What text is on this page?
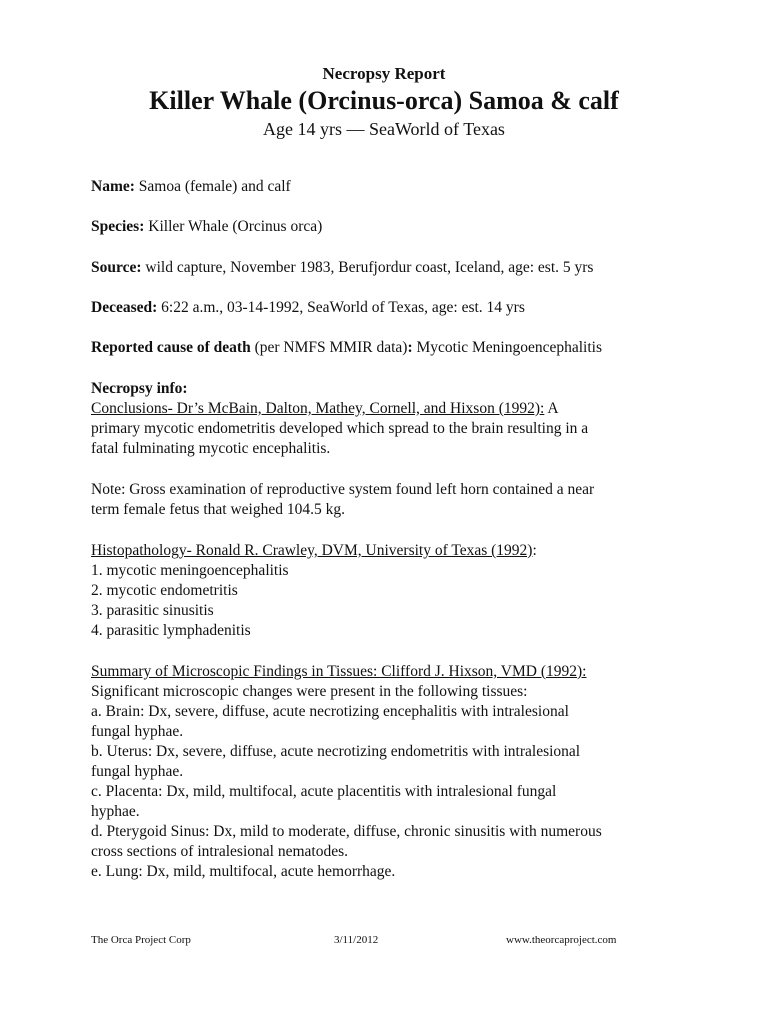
Necropsy Report
Killer Whale (Orcinus-orca) Samoa & calf
Age 14 yrs — SeaWorld of Texas
Name: Samoa (female) and calf
Species: Killer Whale (Orcinus orca)
Source: wild capture, November 1983, Berufjordur coast, Iceland, age: est. 5 yrs
Deceased: 6:22 a.m., 03-14-1992, SeaWorld of Texas, age: est. 14 yrs
Reported cause of death (per NMFS MMIR data): Mycotic Meningoencephalitis
Necropsy info:
Conclusions- Dr’s McBain, Dalton, Mathey, Cornell, and Hixson (1992): A
primary mycotic endometritis developed which spread to the brain resulting in a
fatal fulminating mycotic encephalitis.
Note: Gross examination of reproductive system found left horn contained a near
term female fetus that weighed 104.5 kg.
Histopathology- Ronald R. Crawley, DVM, University of Texas (1992):
1. mycotic meningoencephalitis
2. mycotic endometritis
3. parasitic sinusitis
4. parasitic lymphadenitis
Summary of Microscopic Findings in Tissues: Clifford J. Hixson, VMD (1992):
Significant microscopic changes were present in the following tissues:
a. Brain: Dx, severe, diffuse, acute necrotizing encephalitis with intralesional
fungal hyphae.
b. Uterus: Dx, severe, diffuse, acute necrotizing endometritis with intralesional
fungal hyphae.
c. Placenta: Dx, mild, multifocal, acute placentitis with intralesional fungal
hyphae.
d. Pterygoid Sinus: Dx, mild to moderate, diffuse, chronic sinusitis with numerous
cross sections of intralesional nematodes.
e. Lung: Dx, mild, multifocal, acute hemorrhage.
The Orca Project Corp	3/11/2012	www.theorcaproject.com
